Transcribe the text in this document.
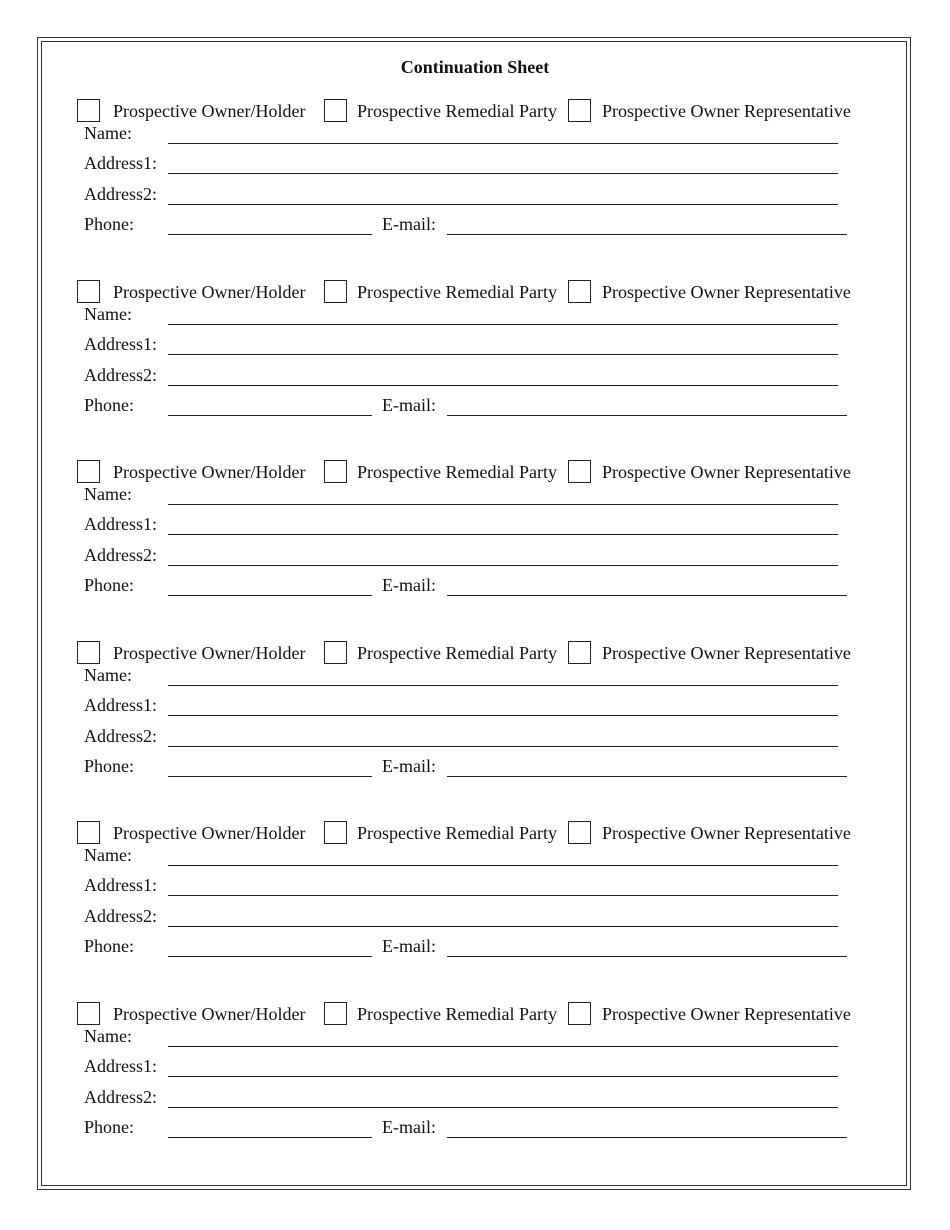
Continuation Sheet
Prospective Owner/Holder	Prospective Remedial Party	Prospective Owner Representative
Name:
Address1:
Address2:
Phone:	E-mail:
Prospective Owner/Holder	Prospective Remedial Party	Prospective Owner Representative
Name:
Address1:
Address2:
Phone:	E-mail:
Prospective Owner/Holder	Prospective Remedial Party	Prospective Owner Representative
Name:
Address1:
Address2:
Phone:	E-mail:
Prospective Owner/Holder	Prospective Remedial Party	Prospective Owner Representative
Name:
Address1:
Address2:
Phone:	E-mail:
Prospective Owner/Holder	Prospective Remedial Party	Prospective Owner Representative
Name:
Address1:
Address2:
Phone:	E-mail:
Prospective Owner/Holder	Prospective Remedial Party	Prospective Owner Representative
Name:
Address1:
Address2:
Phone:	E-mail:
